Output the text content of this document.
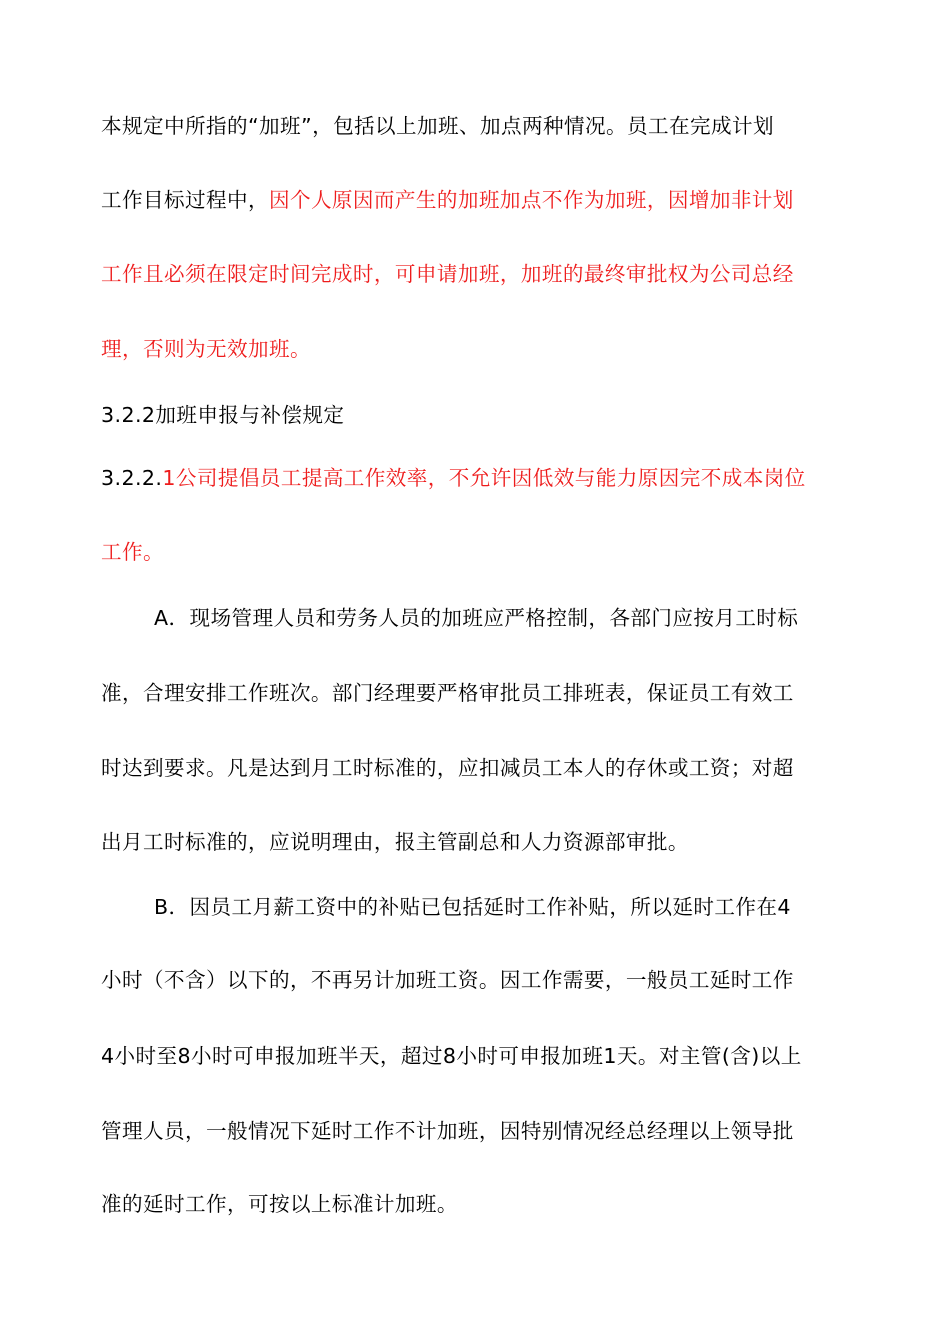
本规定中所指的“加班”，包括以上加班、加点两种情况。员工在完成计划
工作目标过程中，因个人原因而产生的加班加点不作为加班，因增加非计划
工作且必须在限定时间完成时，可申请加班，加班的最终审批权为公司总经
理，否则为无效加班。
3.2.2加班申报与补偿规定
3.2.2.1公司提倡员工提高工作效率，不允许因低效与能力原因完不成本岗位
工作。
A．现场管理人员和劳务人员的加班应严格控制，各部门应按月工时标
准，合理安排工作班次。部门经理要严格审批员工排班表，保证员工有效工
时达到要求。凡是达到月工时标准的，应扣减员工本人的存休或工资；对超
出月工时标准的，应说明理由，报主管副总和人力资源部审批。
B．因员工月薪工资中的补贴已包括延时工作补贴，所以延时工作在4
小时（不含）以下的，不再另计加班工资。因工作需要，一般员工延时工作
4小时至8小时可申报加班半天，超过8小时可申报加班1天。对主管(含)以上
管理人员，一般情况下延时工作不计加班，因特别情况经总经理以上领导批
准的延时工作，可按以上标准计加班。
